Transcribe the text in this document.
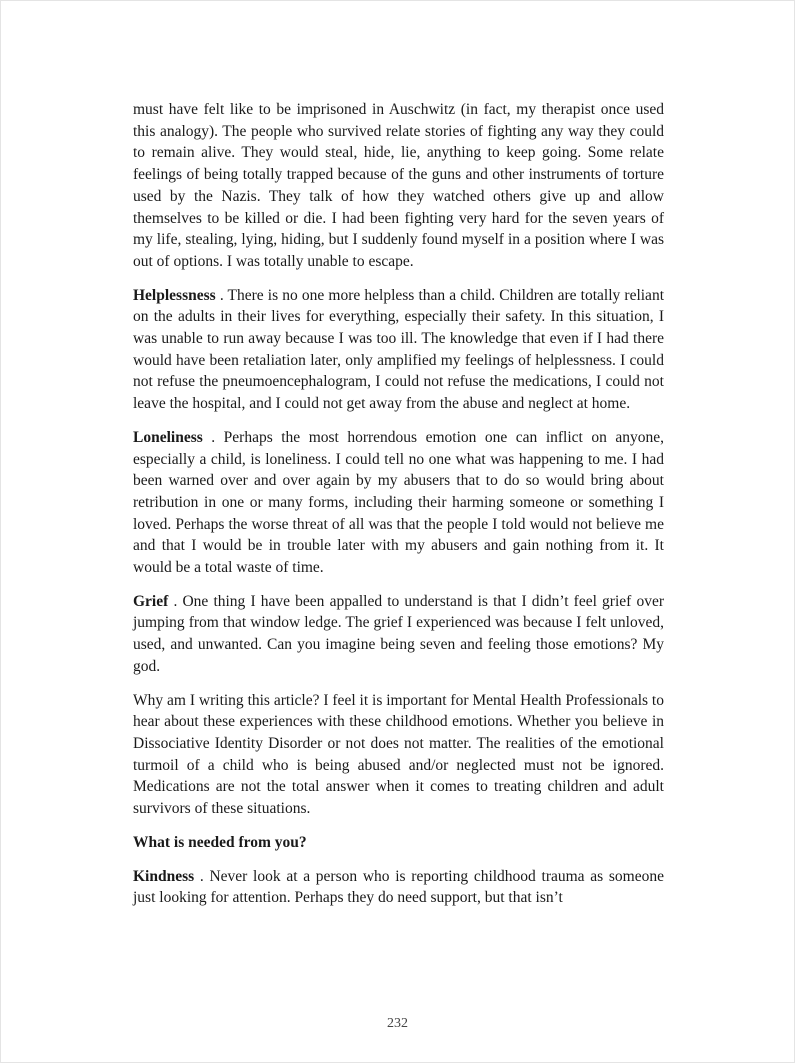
must have felt like to be imprisoned in Auschwitz (in fact, my therapist once used this analogy). The people who survived relate stories of fighting any way they could to remain alive. They would steal, hide, lie, anything to keep going. Some relate feelings of being totally trapped because of the guns and other instruments of torture used by the Nazis. They talk of how they watched others give up and allow themselves to be killed or die. I had been fighting very hard for the seven years of my life, stealing, lying, hiding, but I suddenly found myself in a position where I was out of options. I was totally unable to escape.

Helplessness . There is no one more helpless than a child. Children are totally reliant on the adults in their lives for everything, especially their safety. In this situation, I was unable to run away because I was too ill. The knowledge that even if I had there would have been retaliation later, only amplified my feelings of helplessness. I could not refuse the pneumoencephalogram, I could not refuse the medications, I could not leave the hospital, and I could not get away from the abuse and neglect at home.

Loneliness . Perhaps the most horrendous emotion one can inflict on anyone, especially a child, is loneliness. I could tell no one what was happening to me. I had been warned over and over again by my abusers that to do so would bring about retribution in one or many forms, including their harming someone or something I loved. Perhaps the worse threat of all was that the people I told would not believe me and that I would be in trouble later with my abusers and gain nothing from it. It would be a total waste of time.

Grief . One thing I have been appalled to understand is that I didn’t feel grief over jumping from that window ledge. The grief I experienced was because I felt unloved, used, and unwanted. Can you imagine being seven and feeling those emotions? My god.

Why am I writing this article? I feel it is important for Mental Health Professionals to hear about these experiences with these childhood emotions. Whether you believe in Dissociative Identity Disorder or not does not matter. The realities of the emotional turmoil of a child who is being abused and/or neglected must not be ignored. Medications are not the total answer when it comes to treating children and adult survivors of these situations.

What is needed from you?

Kindness . Never look at a person who is reporting childhood trauma as someone just looking for attention. Perhaps they do need support, but that isn’t

232
